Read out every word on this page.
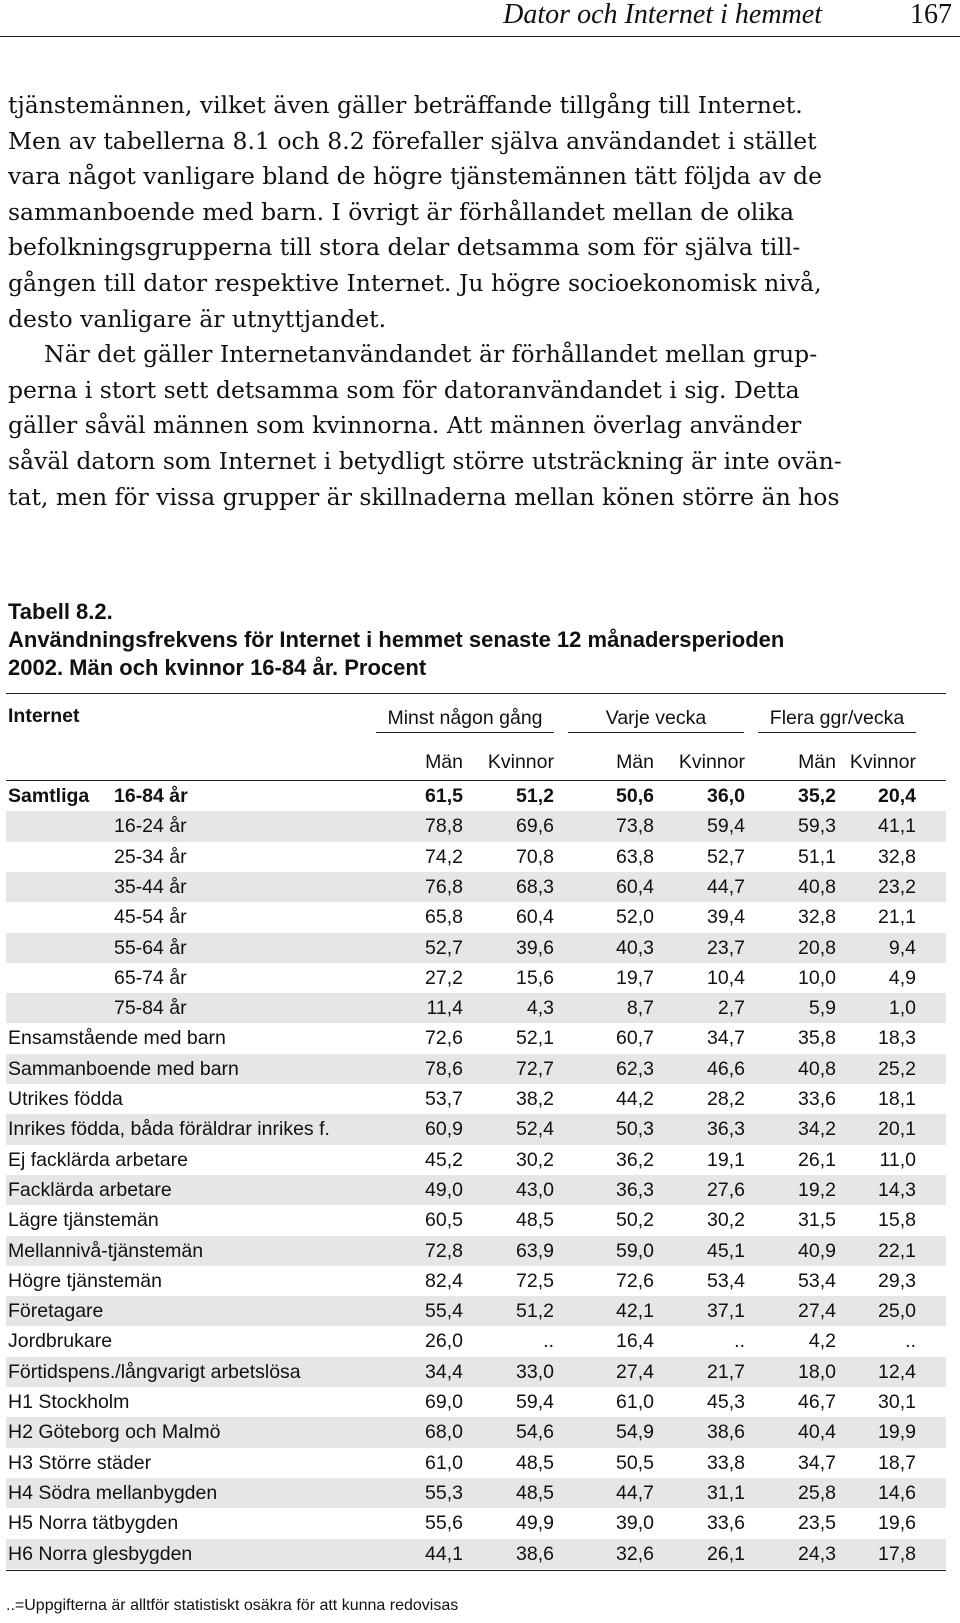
Dator och Internet i hemmet	167
tjänstemännen, vilket även gäller beträffande tillgång till Internet.
Men av tabellerna 8.1 och 8.2 förefaller själva användandet i stället
vara något vanligare bland de högre tjänstemännen tätt följda av de
sammanboende med barn. I övrigt är förhållandet mellan de olika
befolkningsgrupperna till stora delar detsamma som för själva till-
gången till dator respektive Internet. Ju högre socioekonomisk nivå,
desto vanligare är utnyttjandet.
När det gäller Internetanvändandet är förhållandet mellan grup-
perna i stort sett detsamma som för datoranvändandet i sig. Detta
gäller såväl männen som kvinnorna. Att männen överlag använder
såväl datorn som Internet i betydligt större utsträckning är inte ovän-
tat, men för vissa grupper är skillnaderna mellan könen större än hos
Tabell 8.2.
Användningsfrekvens för Internet i hemmet senaste 12 månadersperioden
2002. Män och kvinnor 16-84 år. Procent
Internet	Minst någon gång	Varje vecka	Flera ggr/vecka
Män Kvinnor	Män Kvinnor	Män Kvinnor
Samtliga 16-84 år	61,5	51,2	50,6	36,0	35,2 20,4
16-24 år	78,8	69,6	73,8	59,4	59,3 41,1
25-34 år	74,2	70,8	63,8	52,7	51,1 32,8
35-44 år	76,8	68,3	60,4	44,7	40,8 23,2
45-54 år	65,8	60,4	52,0	39,4	32,8 21,1
55-64 år	52,7	39,6	40,3	23,7	20,8	9,4
65-74 år	27,2	15,6	19,7	10,4	10,0	4,9
75-84 år	11,4	4,3	8,7	2,7	5,9	1,0
Ensamstående med barn	72,6	52,1	60,7	34,7	35,8 18,3
Sammanboende med barn	78,6	72,7	62,3	46,6	40,8 25,2
Utrikes födda	53,7	38,2	44,2	28,2	33,6 18,1
Inrikes födda, båda föräldrar inrikes f.	60,9	52,4	50,3	36,3	34,2 20,1
Ej facklärda arbetare	45,2	30,2	36,2	19,1	26,1 11,0
Facklärda arbetare	49,0	43,0	36,3	27,6	19,2 14,3
Lägre tjänstemän	60,5	48,5	50,2	30,2	31,5 15,8
Mellannivå-tjänstemän	72,8	63,9	59,0	45,1	40,9 22,1
Högre tjänstemän	82,4	72,5	72,6	53,4	53,4 29,3
Företagare	55,4	51,2	42,1	37,1	27,4 25,0
Jordbrukare	26,0	..	16,4	..	4,2	..
Förtidspens./långvarigt arbetslösa	34,4	33,0	27,4	21,7	18,0 12,4
H1 Stockholm	69,0	59,4	61,0	45,3	46,7 30,1
H2 Göteborg och Malmö	68,0	54,6	54,9	38,6	40,4 19,9
H3 Större städer	61,0	48,5	50,5	33,8	34,7 18,7
H4 Södra mellanbygden	55,3	48,5	44,7	31,1	25,8 14,6
H5 Norra tätbygden	55,6	49,9	39,0	33,6	23,5 19,6
H6 Norra glesbygden	44,1	38,6	32,6	26,1	24,3 17,8
..=Uppgifterna är alltför statistiskt osäkra för att kunna redovisas
